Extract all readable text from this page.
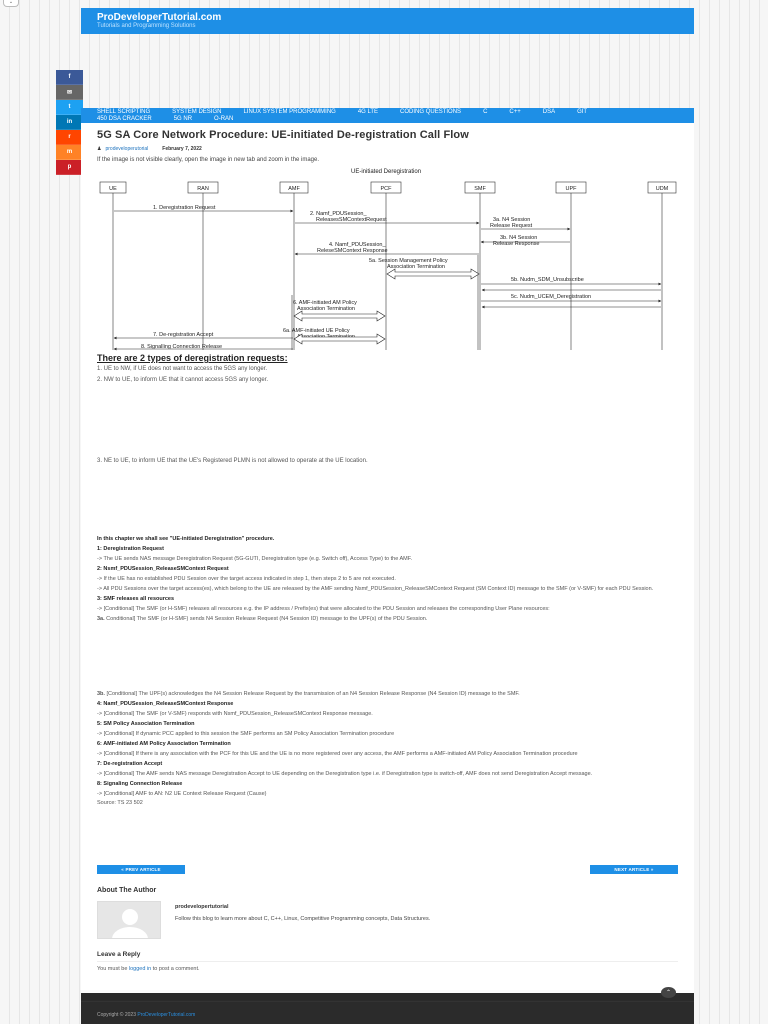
⌄
ProDeveloperTutorial.com
Tutorials and Programming Solutions
f
✉
t
in
r
m
p
SHELL SCRIPTING	SYSTEM DESIGN	LINUX SYSTEM PROGRAMMING	4G LTE	CODING QUESTIONS	C	C++	DSA	GIT
450 DSA CRACKER	5G NR	O-RAN
5G SA Core Network Procedure: UE-initiated De-registration Call Flow
♟ prodeveloperutorial	February 7, 2022
If the image is not visible clearly, open the image in new tab and zoom in the image.
UE-initiated Deregistration
UE	RAN	AMF	PCF	SMF	UPF	UDM
1. Deregistration Request
2. Namf_PDUSession_
ReleasesSMContextRequest	3a. N4 Session
Release Request
3b. N4 Session
Release Response
4. Namf_PDUSession_
ReleseSMContext Response
5a. Session Management Policy
Association Termination
5b. Nudm_SDM_Unsubscribe
5c. Nudm_UCEM_Deregistration
6. AMF-initiated AM Policy
Association Termination
6a. AMF-initiated UE Policy
7. De-registration Accept
8. Signalling Connection Release
There are 2 types of deregistration requests:
1. UE to NW, if UE does not want to access the 5GS any longer.
2. NW to UE, to inform UE that it cannot access 5GS any longer.
3. NE to UE, to inform UE that the UE's Registered PLMN is not allowed to operate at the UE location.
In this chapter we shall see "UE-initiated Deregistration" procedure.
1: Deregistration Request
-> The UE sends NAS message Deregistration Request (5G-GUTI, Deregistration type (e.g. Switch off), Access Type) to the AMF.
2: Nsmf_PDUSession_ReleaseSMContext Request
-> If the UE has no established PDU Session over the target access indicated in step 1, then steps 2 to 5 are not executed.
-> All PDU Sessions over the target access(es), which belong to the UE are released by the AMF sending Nsmf_PDUSession_ReleaseSMContext Request (SM Context ID) message to the SMF (or V-SMF) for each PDU Session.
3: SMF releases all resources
-> [Conditional] The SMF (or H-SMF) releases all resources e.g. the IP address / Prefix(es) that were allocated to the PDU Session and releases the corresponding User Plane resources:
3a. Conditional] The SMF (or H-SMF) sends N4 Session Release Request (N4 Session ID) message to the UPF(s) of the PDU Session.
3b. [Conditional] The UPF(s) acknowledges the N4 Session Release Request by the transmission of an N4 Session Release Response (N4 Session ID) message to the SMF.
4: Namf_PDUSession_ReleaseSMContext Response
-> [Conditional] The SMF (or V-SMF) responds with Nsmf_PDUSession_ReleaseSMContext Response message.
5: SM Policy Association Termination
-> [Conditional] If dynamic PCC applied to this session the SMF performs an SM Policy Association Termination procedure
6: AMF-initiated AM Policy Association Termination
-> [Conditional] If there is any association with the PCF for this UE and the UE is no more registered over any access, the AMF performs a AMF-initiated AM Policy Association Termination procedure
7: De-registration Accept
-> [Conditional] The AMF sends NAS message Deregistration Accept to UE depending on the Deregistration type i.e. if Deregistration type is switch-off, AMF does not send Deregistration Accept message.
8: Signaling Connection Release
-> [Conditional] AMF to AN: N2 UE Context Release Request (Cause)
Source: TS 23 502
« PREV ARTICLE	NEXT ARTICLE »
About The Author
prodevelopertutorial
Follow this blog to learn more about C, C++, Linux, Competitive Programming concepts, Data Structures.
Leave a Reply
You must be logged in to post a comment.
⌃
Copyright © 2023 ProDeveloperTutorial.com
